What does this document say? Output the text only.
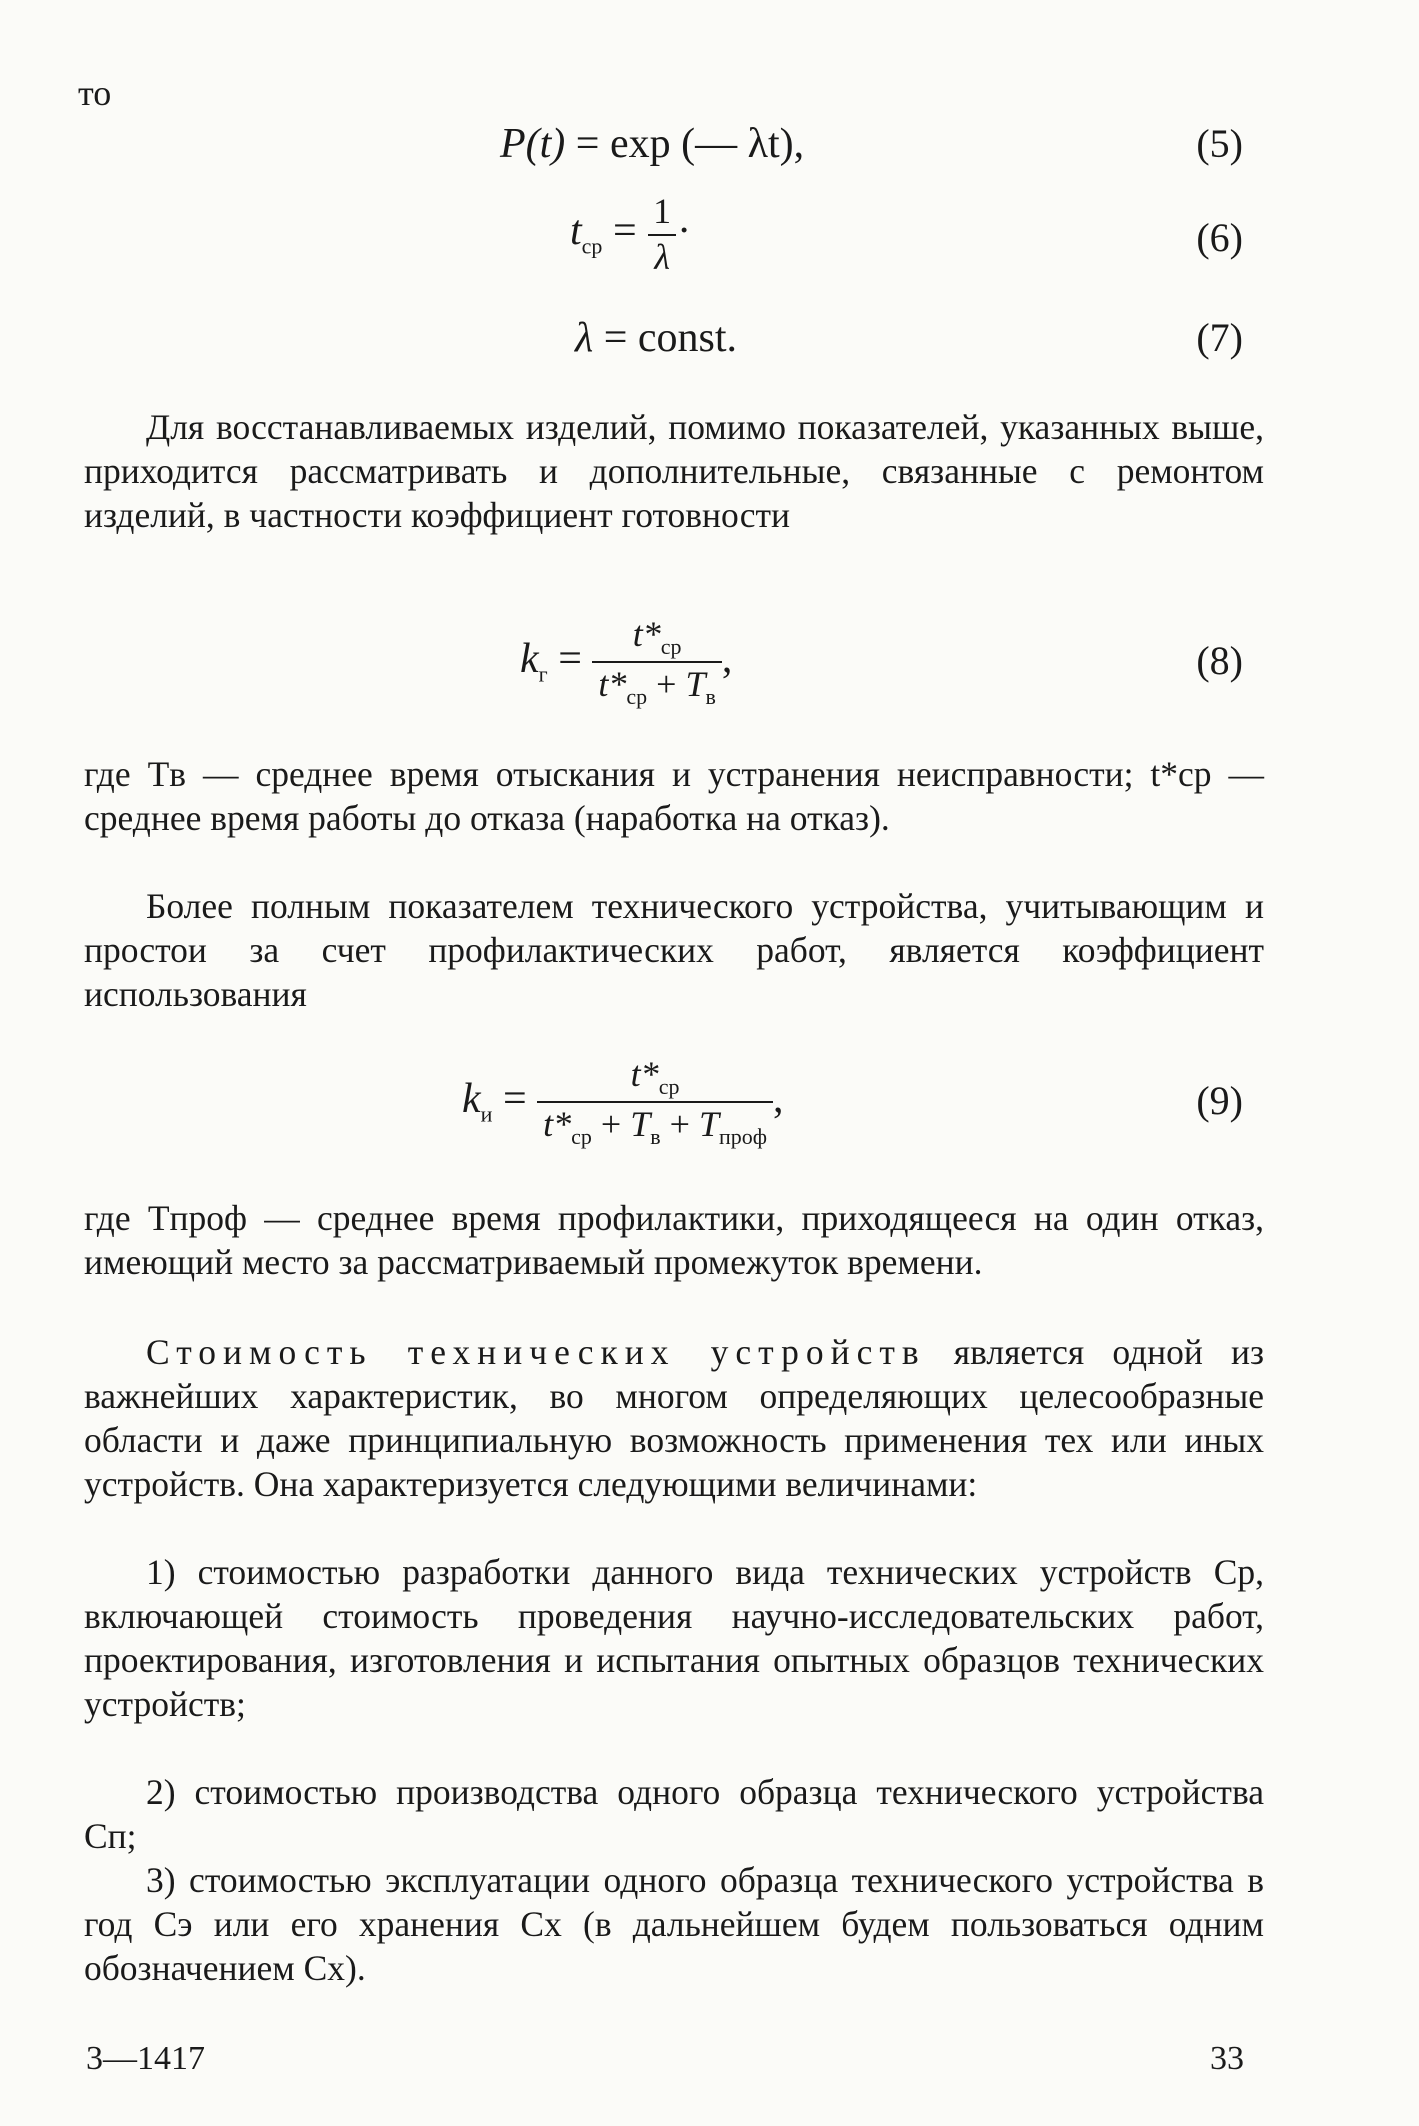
то
P(t) = exp (— λt),	(5)
$t_{ср} = \frac{1}{\lambda}$ ·	(6)
λ = const.	(7)
Для восстанавливаемых изделий, помимо показателей, указанных выше, приходится рассматривать и дополнительные, связанные с ремонтом изделий, в частности коэффициент готовности
$k_г = \frac{t*_{ср}}{t*_{ср} + T_в}$ ,	(8)
где Tв — среднее время отыскания и устранения неисправности; t*ср — среднее время работы до отказа (наработка на отказ).
Более полным показателем технического устройства, учитывающим и простои за счет профилактических работ, является коэффициент использования
$k_и = \frac{t*_{ср}}{t*_{ср} + T_в + T_{проф}}$ ,	(9)
где Tпроф — среднее время профилактики, приходящееся на один отказ, имеющий место за рассматриваемый промежуток времени.
Стоимость технических устройств является одной из важнейших характеристик, во многом определяющих целесообразные области и даже принципиальную возможность применения тех или иных устройств. Она характеризуется следующими величинами:
1) стоимостью разработки данного вида технических устройств Cр, включающей стоимость проведения научно-исследовательских работ, проектирования, изготовления и испытания опытных образцов технических устройств;
2) стоимостью производства одного образца технического устройства Cп;
3) стоимостью эксплуатации одного образца технического устройства в год Cэ или его хранения Cх (в дальнейшем будем пользоваться одним обозначением Cх).
3—1417	33
